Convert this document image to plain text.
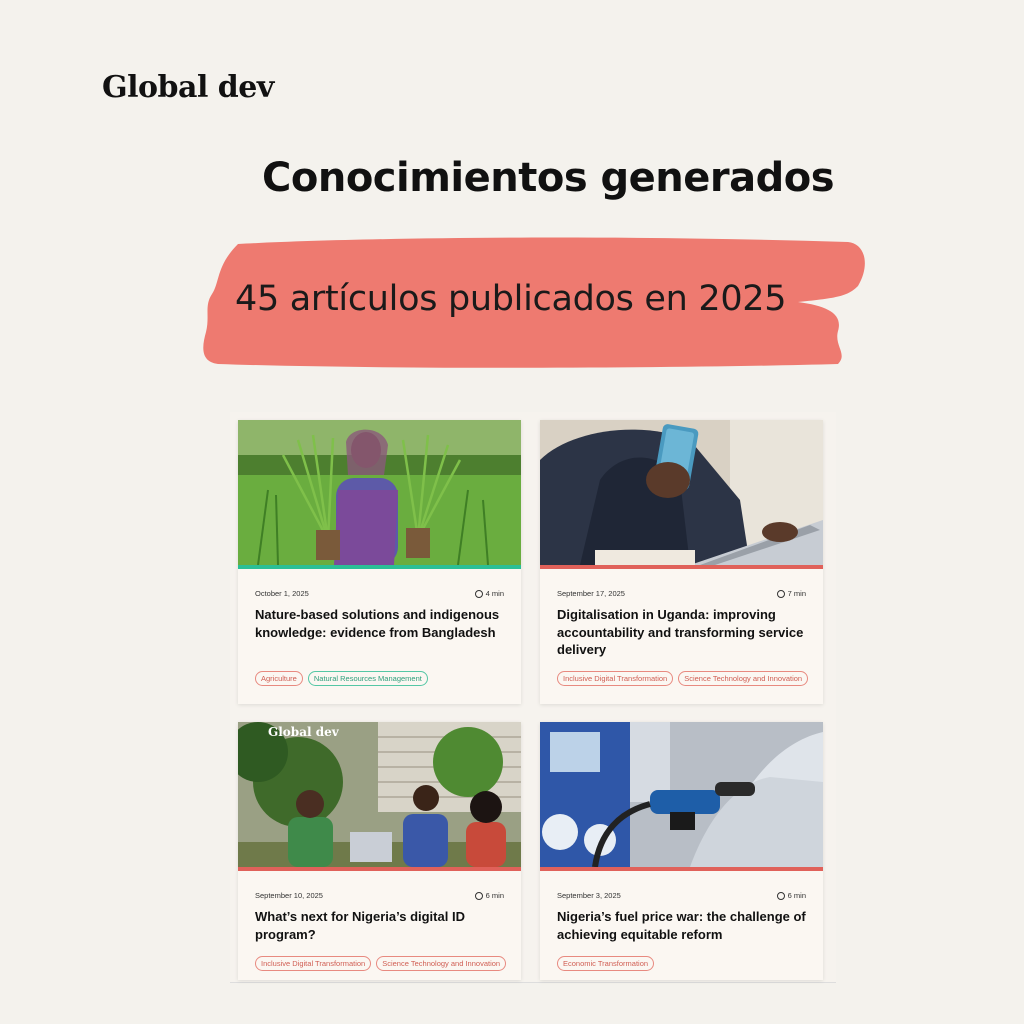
Global dev
Conocimientos generados
45 artículos publicados en 2025
October 1, 2025	4 min
Nature-based solutions and indigenous knowledge: evidence from Bangladesh
Agriculture	Natural Resources Management
September 17, 2025	7 min
Digitalisation in Uganda: improving accountability and transforming service delivery
Inclusive Digital Transformation	Science Technology and Innovation
Global dev
September 10, 2025	6 min
What’s next for Nigeria’s digital ID program?
Inclusive Digital Transformation	Science Technology and Innovation
September 3, 2025	6 min
Nigeria’s fuel price war: the challenge of achieving equitable reform
Economic Transformation
